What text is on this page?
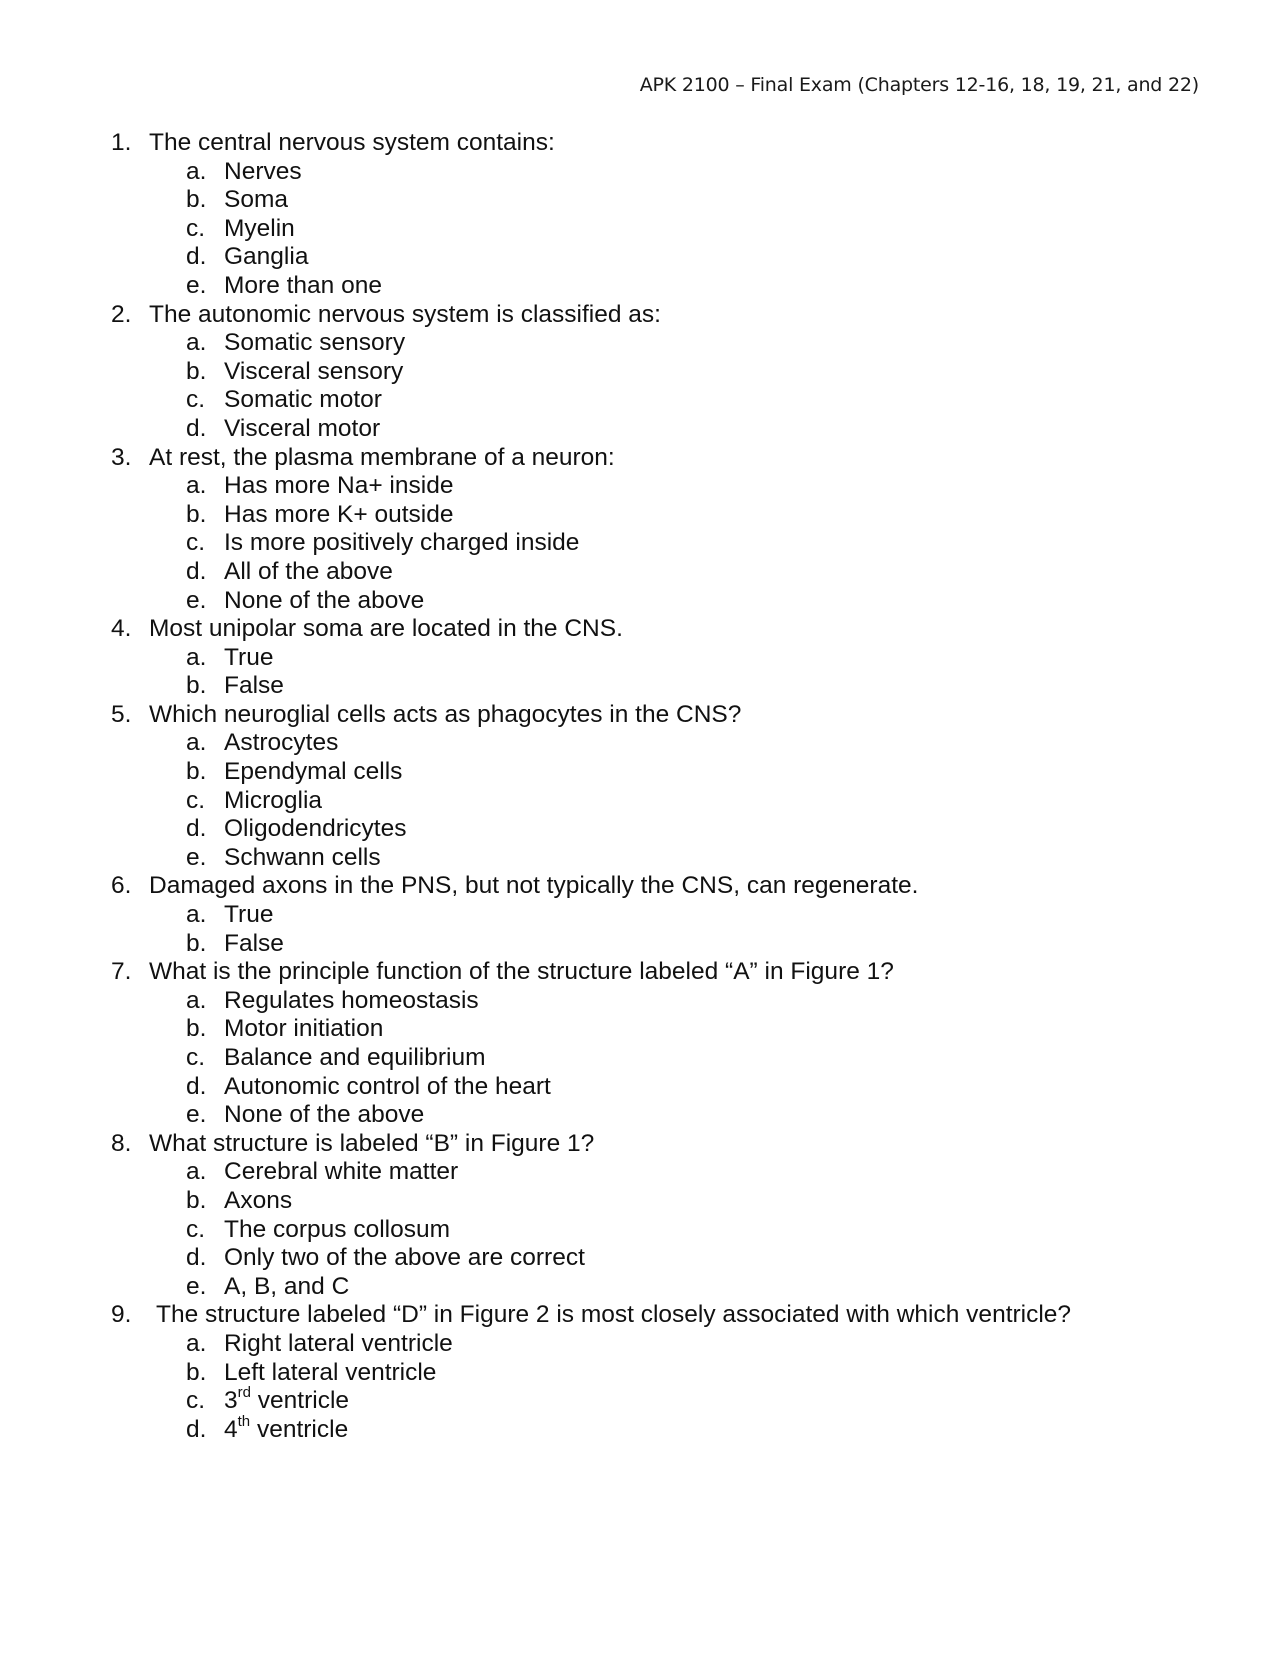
APK 2100 – Final Exam (Chapters 12-16, 18, 19, 21, and 22)
1. The central nervous system contains:
a. Nerves
b. Soma
c. Myelin
d. Ganglia
e. More than one
2. The autonomic nervous system is classified as:
a. Somatic sensory
b. Visceral sensory
c. Somatic motor
d. Visceral motor
3. At rest, the plasma membrane of a neuron:
a. Has more Na+ inside
b. Has more K+ outside
c. Is more positively charged inside
d. All of the above
e. None of the above
4. Most unipolar soma are located in the CNS.
a. True
b. False
5. Which neuroglial cells acts as phagocytes in the CNS?
a. Astrocytes
b. Ependymal cells
c. Microglia
d. Oligodendricytes
e. Schwann cells
6. Damaged axons in the PNS, but not typically the CNS, can regenerate.
a. True
b. False
7. What is the principle function of the structure labeled “A” in Figure 1?
a. Regulates homeostasis
b. Motor initiation
c. Balance and equilibrium
d. Autonomic control of the heart
e. None of the above
8. What structure is labeled “B” in Figure 1?
a. Cerebral white matter
b. Axons
c. The corpus collosum
d. Only two of the above are correct
e. A, B, and C
9. The structure labeled “D” in Figure 2 is most closely associated with which ventricle?
a. Right lateral ventricle
b. Left lateral ventricle
c. 3rd ventricle
d. 4th ventricle
